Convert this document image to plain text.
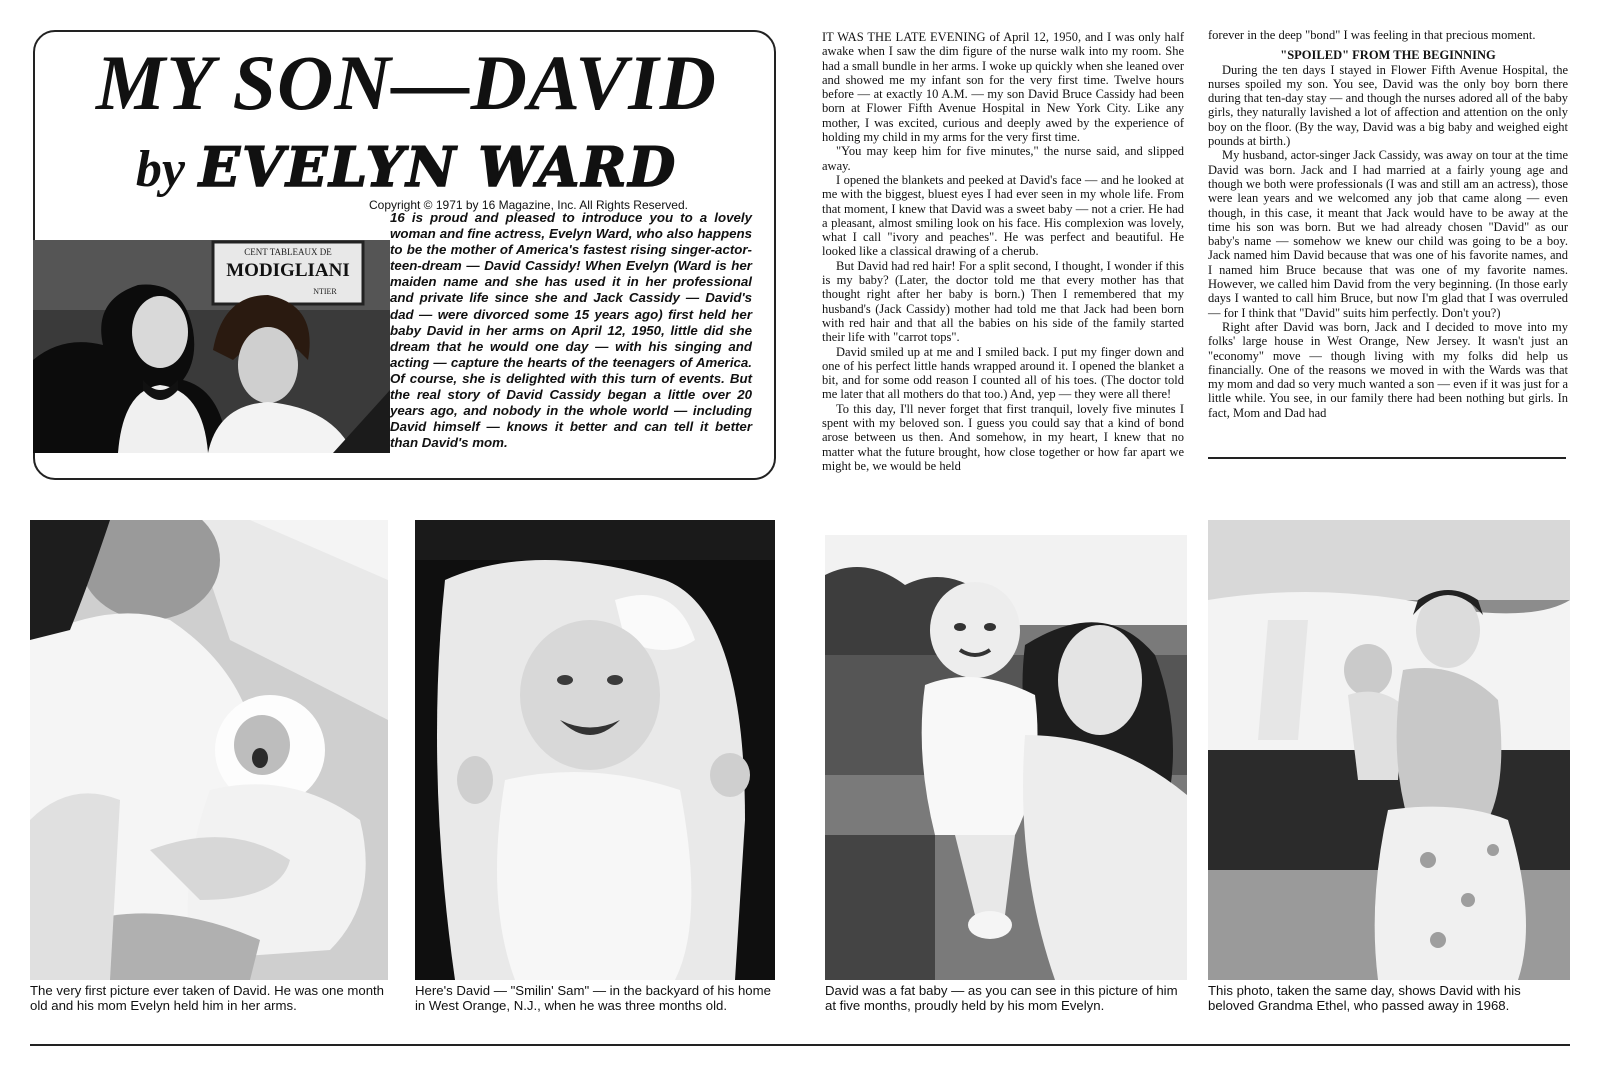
MY SON—DAVID
by EVELYN WARD
Copyright © 1971 by 16 Magazine, Inc. All Rights Reserved.
CENT TABLEAUX DE
MODIGLIANI
NTIER
16 is proud and pleased to introduce you to a lovely woman and fine actress, Evelyn Ward, who also happens to be the mother of America's fastest rising singer-actor-teen-dream — David Cassidy! When Evelyn (Ward is her maiden name and she has used it in her professional and private life since she and Jack Cassidy — David's dad — were divorced some 15 years ago) first held her baby David in her arms on April 12, 1950, little did she dream that he would one day — with his singing and acting — capture the hearts of the teenagers of America. Of course, she is delighted with this turn of events. But the real story of David Cassidy began a little over 20 years ago, and nobody in the whole world — including David himself — knows it better and can tell it better than David's mom.

IT WAS THE LATE EVENING of April 12, 1950, and I was only half awake when I saw the dim figure of the nurse walk into my room. She had a small bundle in her arms. I woke up quickly when she leaned over and showed me my infant son for the very first time. Twelve hours before — at exactly 10 A.M. — my son David Bruce Cassidy had been born at Flower Fifth Avenue Hospital in New York City. Like any mother, I was excited, curious and deeply awed by the experience of holding my child in my arms for the very first time.

"You may keep him for five minutes," the nurse said, and slipped away.

I opened the blankets and peeked at David's face — and he looked at me with the biggest, bluest eyes I had ever seen in my whole life. From that moment, I knew that David was a sweet baby — not a crier. He had a pleasant, almost smiling look on his face. His complexion was lovely, what I call "ivory and peaches". He was perfect and beautiful. He looked like a classical drawing of a cherub.

But David had red hair! For a split second, I thought, I wonder if this is my baby? (Later, the doctor told me that every mother has that thought right after her baby is born.) Then I remembered that my husband's (Jack Cassidy) mother had told me that Jack had been born with red hair and that all the babies on his side of the family started their life with "carrot tops".

David smiled up at me and I smiled back. I put my finger down and one of his perfect little hands wrapped around it. I opened the blanket a bit, and for some odd reason I counted all of his toes. (The doctor told me later that all mothers do that too.) And, yep — they were all there!

To this day, I'll never forget that first tranquil, lovely five minutes I spent with my beloved son. I guess you could say that a kind of bond arose between us then. And somehow, in my heart, I knew that no matter what the future brought, how close together or how far apart we might be, we would be held

forever in the deep "bond" I was feeling in that precious moment.

"SPOILED" FROM THE BEGINNING

During the ten days I stayed in Flower Fifth Avenue Hospital, the nurses spoiled my son. You see, David was the only boy born there during that ten-day stay — and though the nurses adored all of the baby girls, they naturally lavished a lot of affection and attention on the only boy on the floor. (By the way, David was a big baby and weighed eight pounds at birth.)

My husband, actor-singer Jack Cassidy, was away on tour at the time David was born. Jack and I had married at a fairly young age and though we both were professionals (I was and still am an actress), those were lean years and we welcomed any job that came along — even though, in this case, it meant that Jack would have to be away at the time his son was born. But we had already chosen "David" as our baby's name — somehow we knew our child was going to be a boy. Jack named him David because that was one of his favorite names, and I named him Bruce because that was one of my favorite names. However, we called him David from the very beginning. (In those early days I wanted to call him Bruce, but now I'm glad that I was overruled — for I think that "David" suits him perfectly. Don't you?)

Right after David was born, Jack and I decided to move into my folks' large house in West Orange, New Jersey. It wasn't just an "economy" move — though living with my folks did help us financially. One of the reasons we moved in with the Wards was that my mom and dad so very much wanted a son — even if it was just for a little while. You see, in our family there had been nothing but girls. In fact, Mom and Dad had

The very first picture ever taken of David. He was one month old and his mom Evelyn held him in her arms.
Here's David — "Smilin' Sam" — in the backyard of his home in West Orange, N.J., when he was three months old.
David was a fat baby — as you can see in this picture of him at five months, proudly held by his mom Evelyn.
This photo, taken the same day, shows David with his beloved Grandma Ethel, who passed away in 1968.
